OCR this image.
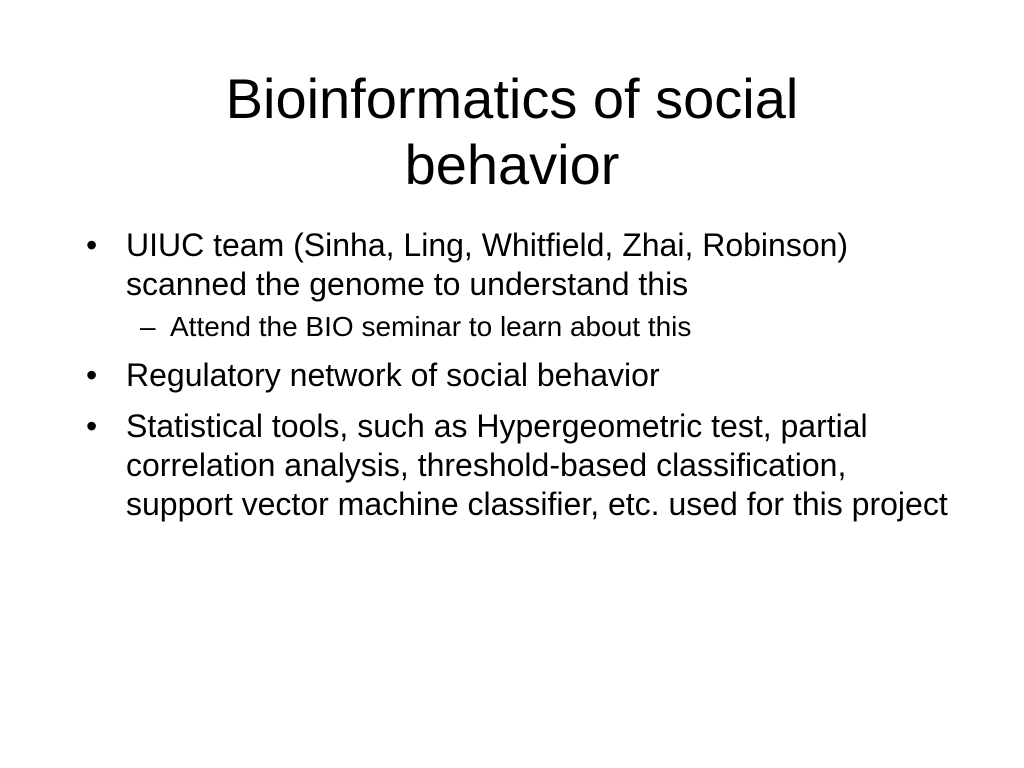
Bioinformatics of social behavior
• UIUC team (Sinha, Ling, Whitfield, Zhai, Robinson) scanned the genome to understand this
– Attend the BIO seminar to learn about this
• Regulatory network of social behavior
• Statistical tools, such as Hypergeometric test, partial correlation analysis, threshold-based classification, support vector machine classifier, etc. used for this project
